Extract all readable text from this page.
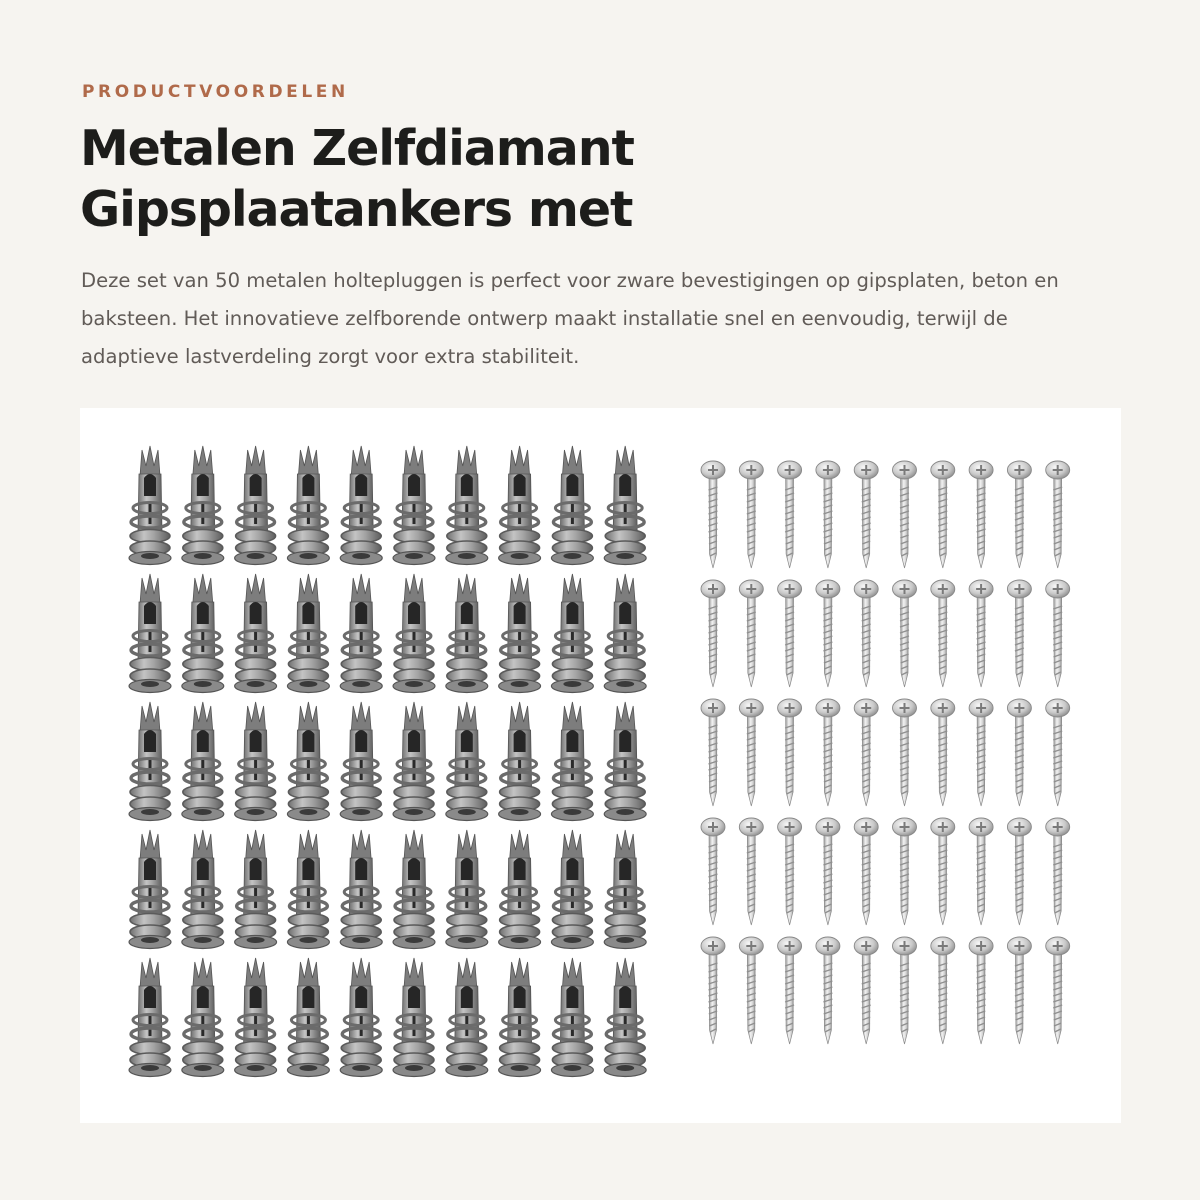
PRODUCTVOORDELEN
Metalen Zelfdiamant
Gipsplaatankers met

Deze set van 50 metalen holtepluggen is perfect voor zware bevestigingen op gipsplaten, beton en baksteen. Het innovatieve zelfborende ontwerp maakt installatie snel en eenvoudig, terwijl de adaptieve lastverdeling zorgt voor extra stabiliteit.
